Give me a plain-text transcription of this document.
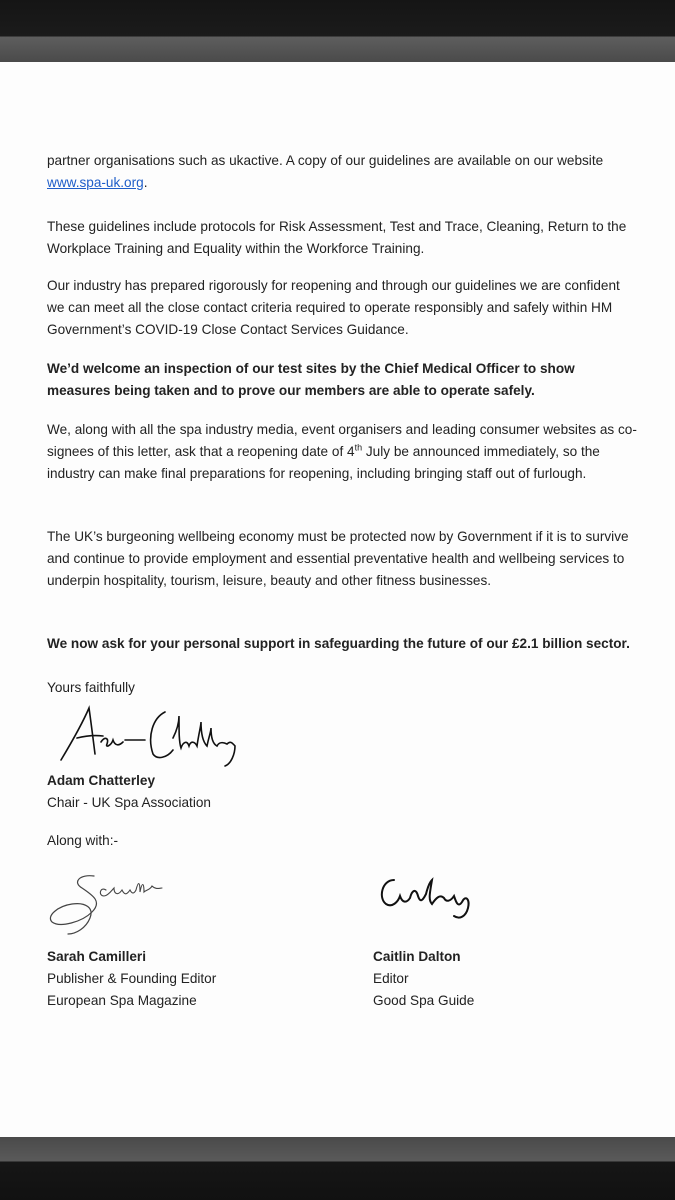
partner organisations such as ukactive. A copy of our guidelines are available on our website
www.spa-uk.org.
These guidelines include protocols for Risk Assessment, Test and Trace, Cleaning, Return to the Workplace Training and Equality within the Workforce Training.
Our industry has prepared rigorously for reopening and through our guidelines we are confident we can meet all the close contact criteria required to operate responsibly and safely within HM Government’s COVID-19 Close Contact Services Guidance.
We’d welcome an inspection of our test sites by the Chief Medical Officer to show measures being taken and to prove our members are able to operate safely.
We, along with all the spa industry media, event organisers and leading consumer websites as co-signees of this letter, ask that a reopening date of 4th July be announced immediately, so the industry can make final preparations for reopening, including bringing staff out of furlough.
The UK’s burgeoning wellbeing economy must be protected now by Government if it is to survive and continue to provide employment and essential preventative health and wellbeing services to underpin hospitality, tourism, leisure, beauty and other fitness businesses.
We now ask for your personal support in safeguarding the future of our £2.1 billion sector.
Yours faithfully
Adam Chatterley
Chair - UK Spa Association
Along with:-
Sarah Camilleri
Publisher & Founding Editor
European Spa Magazine
Caitlin Dalton
Editor
Good Spa Guide
